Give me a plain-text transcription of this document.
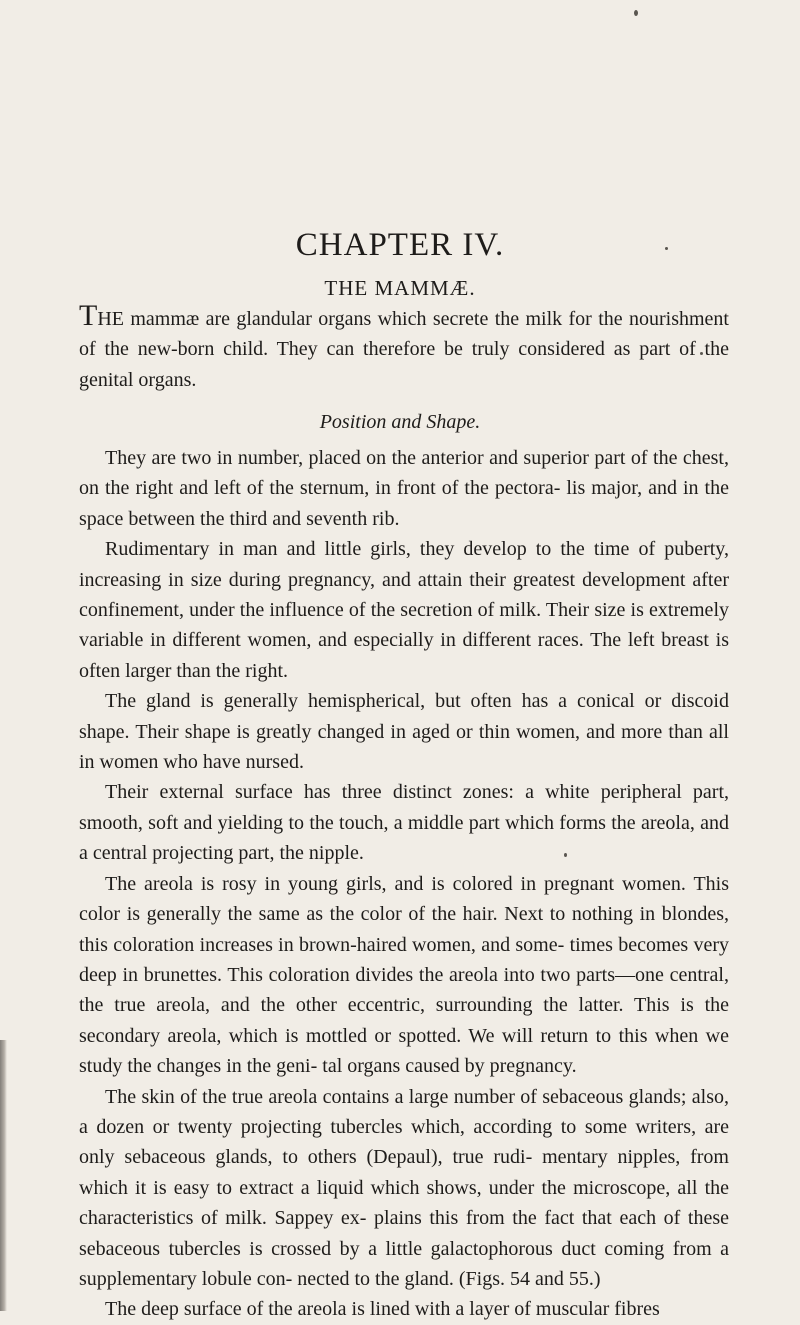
CHAPTER IV.
THE MAMMÆ.

THE mammæ are glandular organs which secrete the milk for the nourishment of the new-born child. They can therefore be truly considered as part of the genital organs.

Position and Shape.

They are two in number, placed on the anterior and superior part of the chest, on the right and left of the sternum, in front of the pectora- lis major, and in the space between the third and seventh rib.

Rudimentary in man and little girls, they develop to the time of puberty, increasing in size during pregnancy, and attain their greatest development after confinement, under the influence of the secretion of milk. Their size is extremely variable in different women, and especially in different races. The left breast is often larger than the right.

The gland is generally hemispherical, but often has a conical or discoid shape. Their shape is greatly changed in aged or thin women, and more than all in women who have nursed.

Their external surface has three distinct zones: a white peripheral part, smooth, soft and yielding to the touch, a middle part which forms the areola, and a central projecting part, the nipple.

The areola is rosy in young girls, and is colored in pregnant women. This color is generally the same as the color of the hair. Next to nothing in blondes, this coloration increases in brown-haired women, and some- times becomes very deep in brunettes. This coloration divides the areola into two parts—one central, the true areola, and the other eccentric, surrounding the latter. This is the secondary areola, which is mottled or spotted. We will return to this when we study the changes in the geni- tal organs caused by pregnancy.

The skin of the true areola contains a large number of sebaceous glands; also, a dozen or twenty projecting tubercles which, according to some writers, are only sebaceous glands, to others (Depaul), true rudi- mentary nipples, from which it is easy to extract a liquid which shows, under the microscope, all the characteristics of milk. Sappey ex- plains this from the fact that each of these sebaceous tubercles is crossed by a little galactophorous duct coming from a supplementary lobule con- nected to the gland. (Figs. 54 and 55.)

The deep surface of the areola is lined with a layer of muscular fibres
